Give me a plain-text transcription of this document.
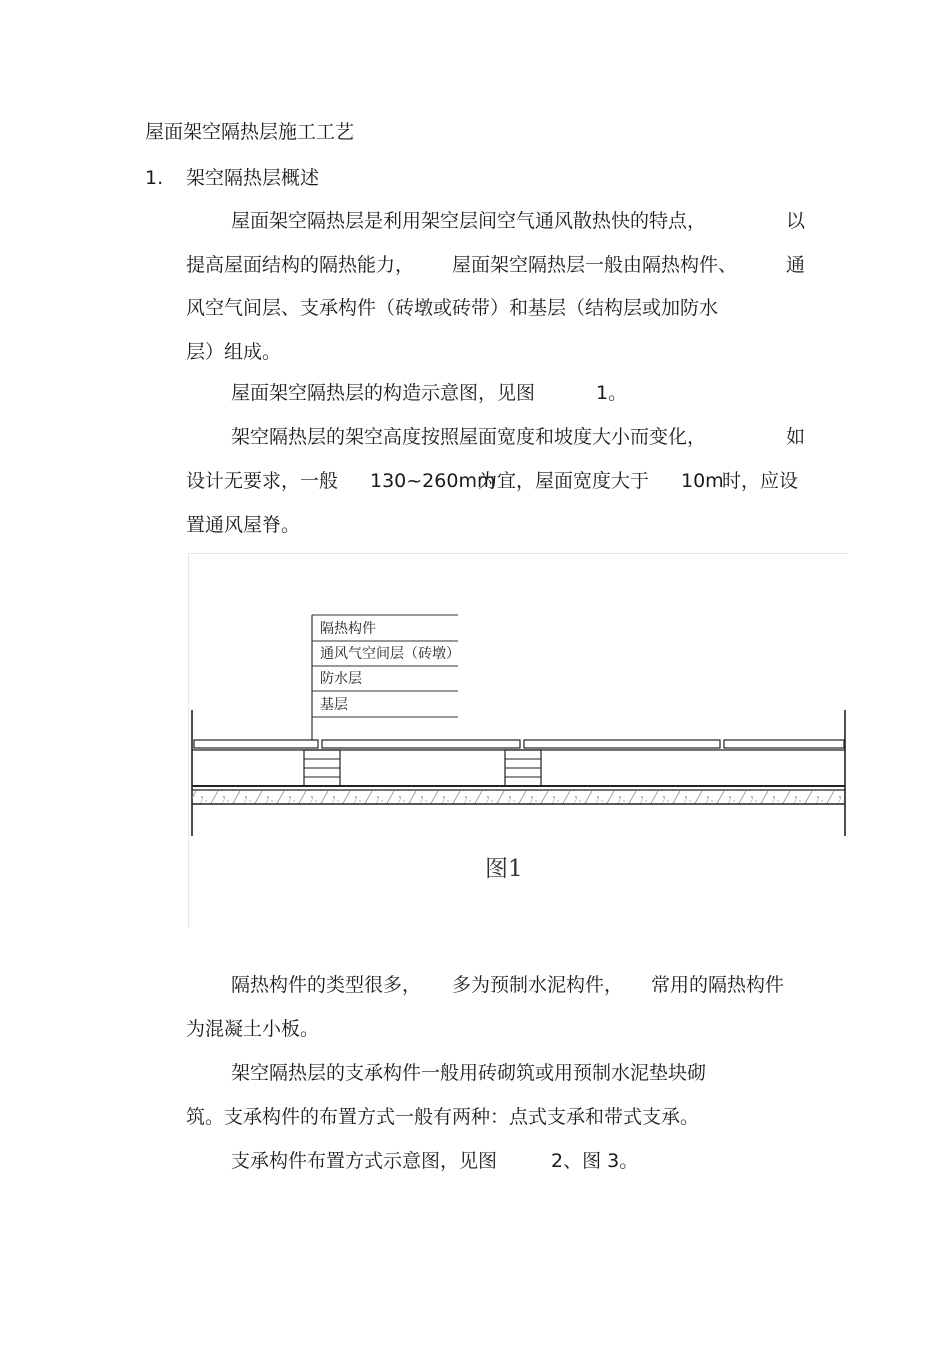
屋面架空隔热层施工工艺
1. 架空隔热层概述
屋面架空隔热层是利用架空层间空气通风散热快的特点，	以
提高屋面结构的隔热能力， 屋面架空隔热层一般由隔热构件、	通
风空气间层、支承构件（砖墩或砖带）和基层（结构层或加防水
层）组成。
屋面架空隔热层的构造示意图，见图	1。
架空隔热层的架空高度按照屋面宽度和坡度大小而变化，	如
设计无要求，一般 130~260mm
为宜，屋面宽度大于 10m
时，应设
置通风屋脊。
隔热构件
通风气空间层（砖墩）
防水层
基层
图1
隔热构件的类型很多， 多为预制水泥构件， 常用的隔热构件
为混凝土小板。
架空隔热层的支承构件一般用砖砌筑或用预制水泥垫块砌
筑。支承构件的布置方式一般有两种：点式支承和带式支承。
支承构件布置方式示意图，见图	2、图 3。
